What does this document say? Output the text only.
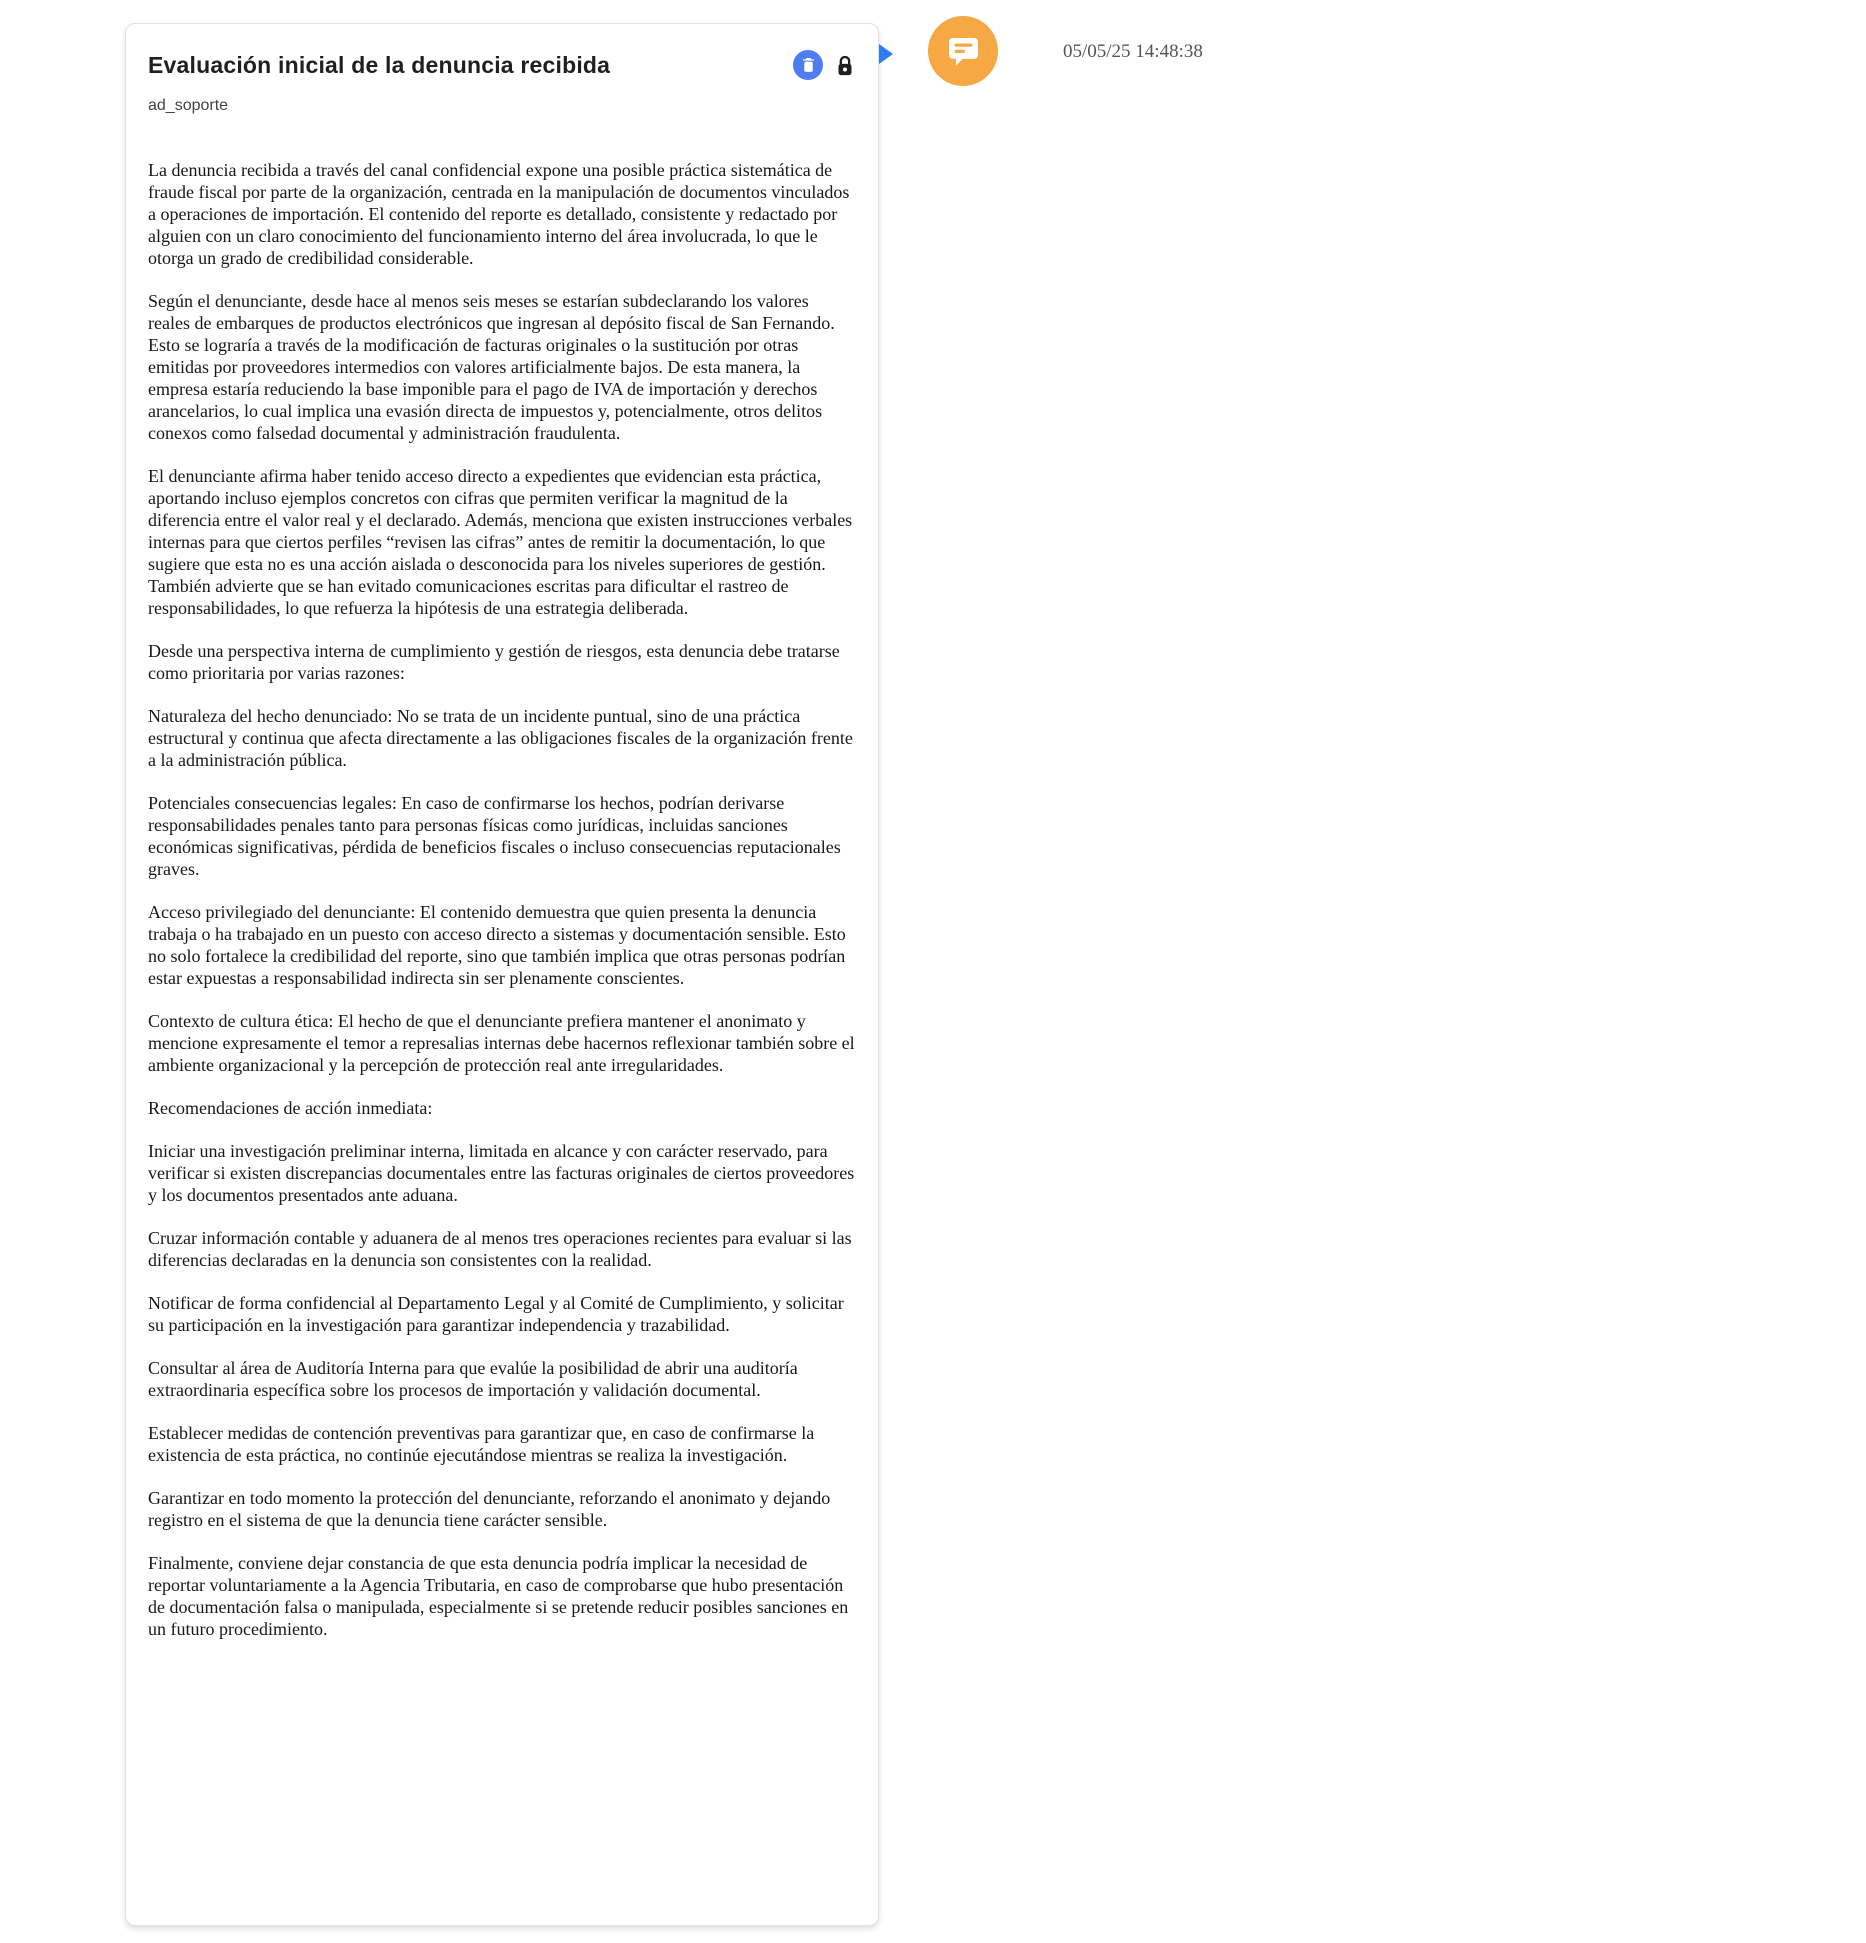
Evaluación inicial de la denuncia recibida
ad_soporte

La denuncia recibida a través del canal confidencial expone una posible práctica sistemática de fraude fiscal por parte de la organización, centrada en la manipulación de documentos vinculados a operaciones de importación. El contenido del reporte es detallado, consistente y redactado por alguien con un claro conocimiento del funcionamiento interno del área involucrada, lo que le otorga un grado de credibilidad considerable.

Según el denunciante, desde hace al menos seis meses se estarían subdeclarando los valores reales de embarques de productos electrónicos que ingresan al depósito fiscal de San Fernando. Esto se lograría a través de la modificación de facturas originales o la sustitución por otras emitidas por proveedores intermedios con valores artificialmente bajos. De esta manera, la empresa estaría reduciendo la base imponible para el pago de IVA de importación y derechos arancelarios, lo cual implica una evasión directa de impuestos y, potencialmente, otros delitos conexos como falsedad documental y administración fraudulenta.

El denunciante afirma haber tenido acceso directo a expedientes que evidencian esta práctica, aportando incluso ejemplos concretos con cifras que permiten verificar la magnitud de la diferencia entre el valor real y el declarado. Además, menciona que existen instrucciones verbales internas para que ciertos perfiles “revisen las cifras” antes de remitir la documentación, lo que sugiere que esta no es una acción aislada o desconocida para los niveles superiores de gestión. También advierte que se han evitado comunicaciones escritas para dificultar el rastreo de responsabilidades, lo que refuerza la hipótesis de una estrategia deliberada.

Desde una perspectiva interna de cumplimiento y gestión de riesgos, esta denuncia debe tratarse como prioritaria por varias razones:

Naturaleza del hecho denunciado: No se trata de un incidente puntual, sino de una práctica estructural y continua que afecta directamente a las obligaciones fiscales de la organización frente a la administración pública.

Potenciales consecuencias legales: En caso de confirmarse los hechos, podrían derivarse responsabilidades penales tanto para personas físicas como jurídicas, incluidas sanciones económicas significativas, pérdida de beneficios fiscales o incluso consecuencias reputacionales graves.

Acceso privilegiado del denunciante: El contenido demuestra que quien presenta la denuncia trabaja o ha trabajado en un puesto con acceso directo a sistemas y documentación sensible. Esto no solo fortalece la credibilidad del reporte, sino que también implica que otras personas podrían estar expuestas a responsabilidad indirecta sin ser plenamente conscientes.

Contexto de cultura ética: El hecho de que el denunciante prefiera mantener el anonimato y mencione expresamente el temor a represalias internas debe hacernos reflexionar también sobre el ambiente organizacional y la percepción de protección real ante irregularidades.

Recomendaciones de acción inmediata:

Iniciar una investigación preliminar interna, limitada en alcance y con carácter reservado, para verificar si existen discrepancias documentales entre las facturas originales de ciertos proveedores y los documentos presentados ante aduana.

Cruzar información contable y aduanera de al menos tres operaciones recientes para evaluar si las diferencias declaradas en la denuncia son consistentes con la realidad.

Notificar de forma confidencial al Departamento Legal y al Comité de Cumplimiento, y solicitar su participación en la investigación para garantizar independencia y trazabilidad.

Consultar al área de Auditoría Interna para que evalúe la posibilidad de abrir una auditoría extraordinaria específica sobre los procesos de importación y validación documental.

Establecer medidas de contención preventivas para garantizar que, en caso de confirmarse la existencia de esta práctica, no continúe ejecutándose mientras se realiza la investigación.

Garantizar en todo momento la protección del denunciante, reforzando el anonimato y dejando registro en el sistema de que la denuncia tiene carácter sensible.

Finalmente, conviene dejar constancia de que esta denuncia podría implicar la necesidad de reportar voluntariamente a la Agencia Tributaria, en caso de comprobarse que hubo presentación de documentación falsa o manipulada, especialmente si se pretende reducir posibles sanciones en un futuro procedimiento.

05/05/25 14:48:38
